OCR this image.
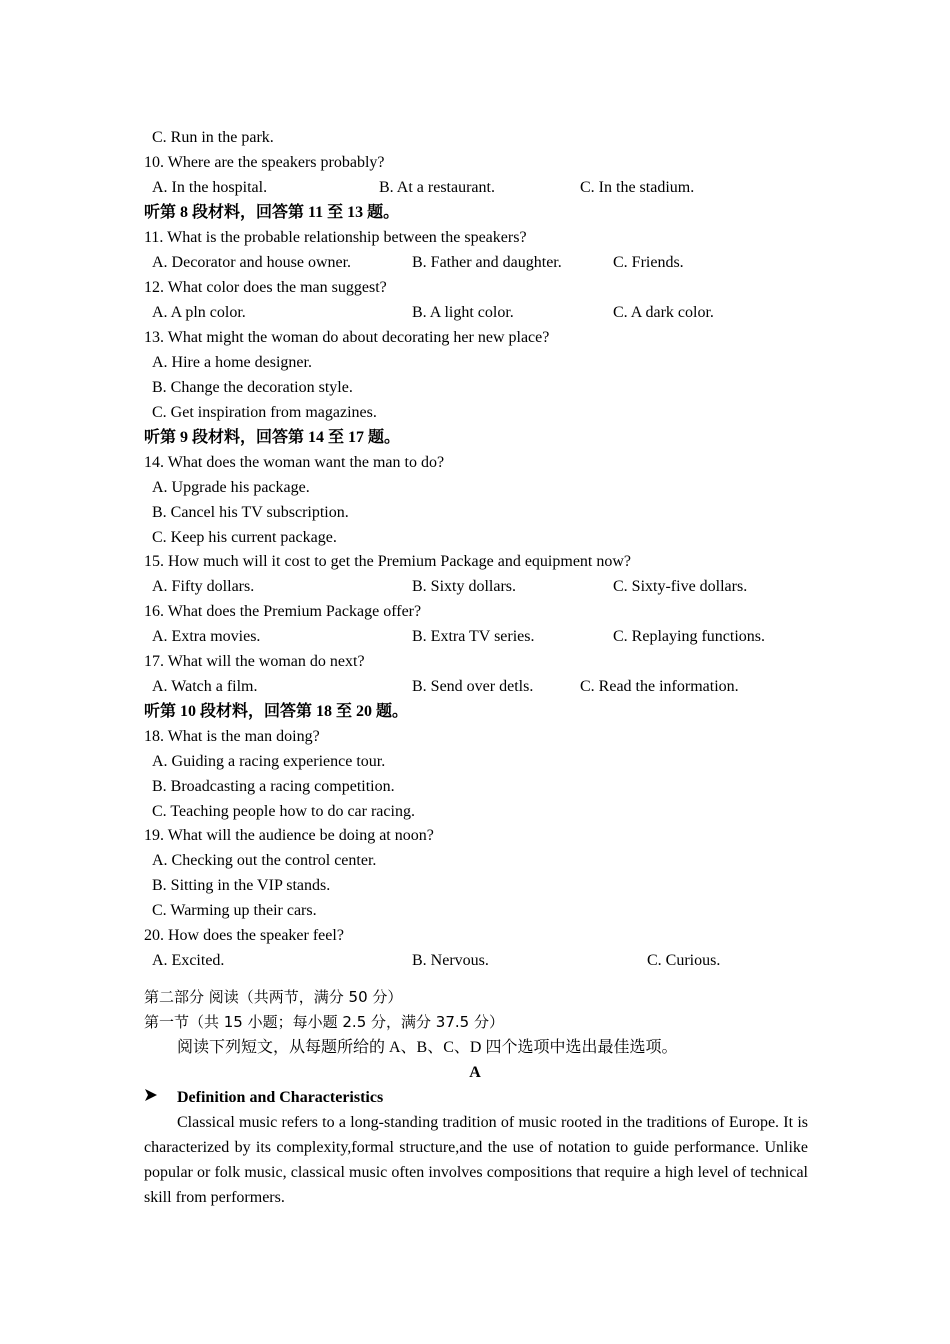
C. Run in the park.
10. Where are the speakers probably?
A. In the hospital.	B. At a restaurant.	C. In the stadium.
听第 8 段材料，回答第 11 至 13 题。
11. What is the probable relationship between the speakers?
A. Decorator and house owner.	B. Father and daughter.	C. Friends.
12. What color does the man suggest?
A. A pln color.	B. A light color.	C. A dark color.
13. What might the woman do about decorating her new place?
A. Hire a home designer.
B. Change the decoration style.
C. Get inspiration from magazines.
听第 9 段材料，回答第 14 至 17 题。
14. What does the woman want the man to do?
A. Upgrade his package.
B. Cancel his TV subscription.
C. Keep his current package.
15. How much will it cost to get the Premium Package and equipment now?
A. Fifty dollars.	B. Sixty dollars.	C. Sixty-five dollars.
16. What does the Premium Package offer?
A. Extra movies.	B. Extra TV series.	C. Replaying functions.
17. What will the woman do next?
A. Watch a film.	B. Send over detls.	C. Read the information.
听第 10 段材料，回答第 18 至 20 题。
18. What is the man doing?
A. Guiding a racing experience tour.
B. Broadcasting a racing competition.
C. Teaching people how to do car racing.
19. What will the audience be doing at noon?
A. Checking out the control center.
B. Sitting in the VIP stands.
C. Warming up their cars.
20. How does the speaker feel?
A. Excited.	B. Nervous.	C. Curious.
第二部分 阅读（共两节，满分 50 分）
第一节（共 15 小题；每小题 2.5 分，满分 37.5 分）
阅读下列短文，从每题所给的 A、B、C、D 四个选项中选出最佳选项。
A
Definition and Characteristics

Classical music refers to a long-standing tradition of music rooted in the traditions of Europe. It is characterized by its complexity,formal structure,and the use of notation to guide performance. Unlike popular or folk music, classical music often involves compositions that require a high level of technical skill from performers.
